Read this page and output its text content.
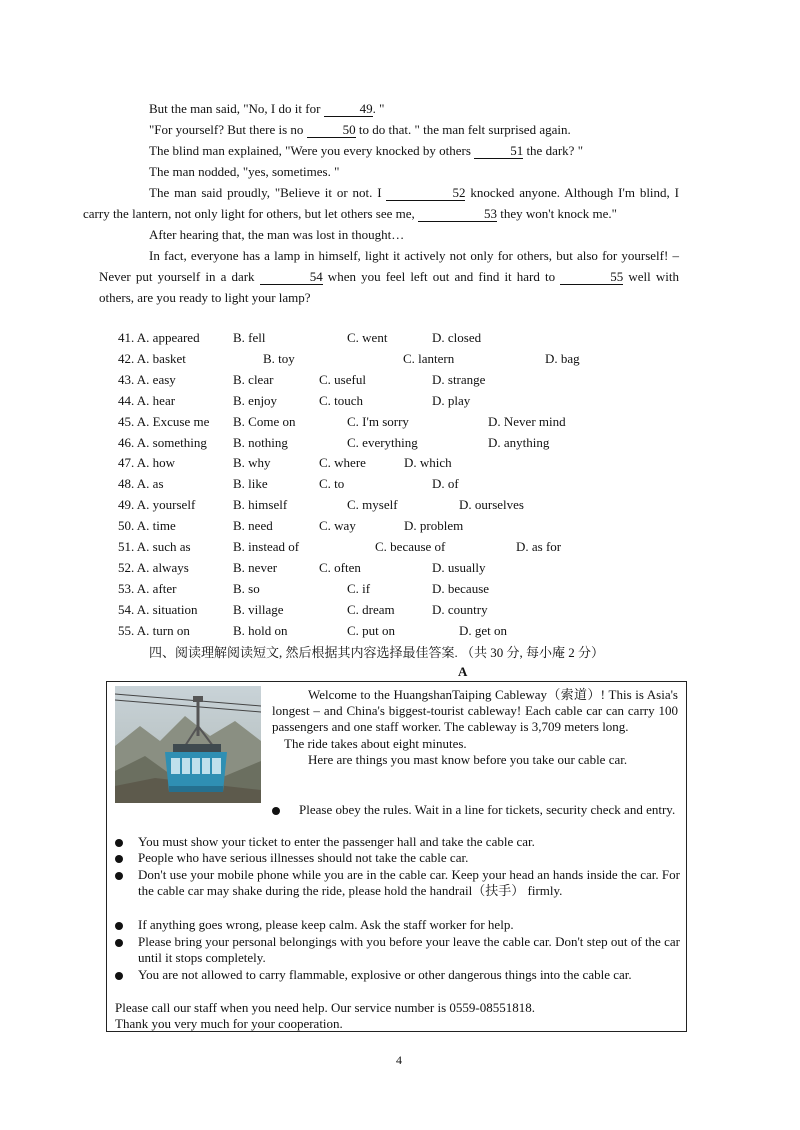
But the man said, "No, I do it for	49. "

"For yourself? But there is no	50 to do that. " the man felt surprised again.

The blind man explained, "Were you every knocked by others	51 the dark? "

The man nodded, "yes, sometimes. "

The man said proudly, "Believe it or not. I	52 knocked anyone. Although I'm blind, I carry the lantern, not only light for others, but let others see me,	53 they won't knock me."

After hearing that, the man was lost in thought…

In fact, everyone has a lamp in himself, light it actively not only for others, but also for yourself! – Never put yourself in a dark	54 when you feel left out and find it hard to	55 well with others, are you ready to light your lamp?

41. A. appeared	B. fell	C. went	D. closed
42. A. basket	B. toy	C. lantern	D. bag
43. A. easy	B. clear	C. useful	D. strange
44. A. hear	B. enjoy	C. touch	D. play
45. A. Excuse me B. Come on	C. I'm sorry	D. Never mind
46. A. something B. nothing	C. everything	D. anything
47. A. how	B. why	C. where	D. which
48. A. as	B. like	C. to	D. of
49. A. yourself	B. himself	C. myself	D. ourselves
50. A. time	B. need	C. way	D. problem
51. A. such as	B. instead of	C. because of	D. as for
52. A. always	B. never	C. often	D. usually
53. A. after	B. so	C. if	D. because
54. A. situation	B. village	C. dream	D. country
55. A. turn on	B. hold on	C. put on	D. get on
四、阅读理解阅读短文, 然后根据其内容选择最佳答案. （共 30 分, 每小庵 2 分）
A

Welcome to the HuangshanTaiping Cableway（索道）! This is Asia's longest – and China's biggest-tourist cableway! Each cable car can carry 100 passengers and one staff worker. The cableway is 3,709 meters long.

The ride takes about eight minutes.

Here are things you mast know before you take our cable car.

Please obey the rules. Wait in a line for tickets, security check and entry.
You must show your ticket to enter the passenger hall and take the cable car.
People who have serious illnesses should not take the cable car.
Don't use your mobile phone while you are in the cable car. Keep your head an hands inside the car. For the cable car may shake during the ride, please hold the handrail（扶手） firmly.
If anything goes wrong, please keep calm. Ask the staff worker for help.
Please bring your personal belongings with you before your leave the cable car. Don't step out of the car until it stops completely.
You are not allowed to carry flammable, explosive or other dangerous things into the cable car.
Please call our staff when you need help. Our service number is 0559-08551818.
Thank you very much for your cooperation.
4
